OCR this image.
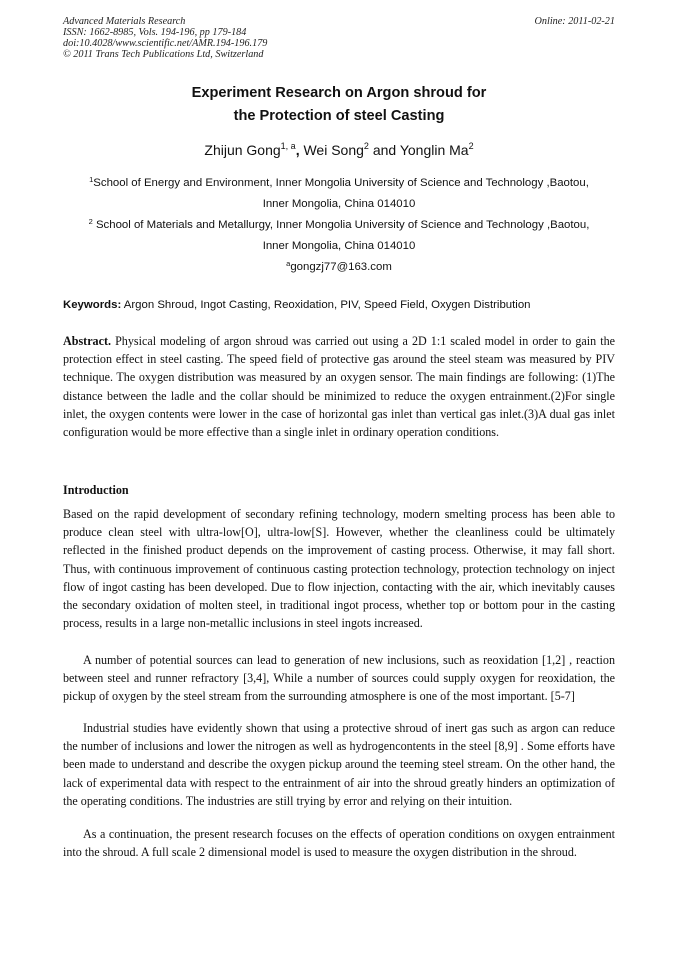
Advanced Materials Research
ISSN: 1662-8985, Vols. 194-196, pp 179-184
doi:10.4028/www.scientific.net/AMR.194-196.179
© 2011 Trans Tech Publications Ltd, Switzerland
Online: 2011-02-21
Experiment Research on Argon shroud for
the Protection of steel Casting
Zhijun Gong$^{1, a}$, Wei Song$^2$ and Yonglin Ma$^2$
$^1$School of Energy and Environment, Inner Mongolia University of Science and Technology ,Baotou,
Inner Mongolia, China 014010
$^2$ School of Materials and Metallurgy, Inner Mongolia University of Science and Technology ,Baotou,
Inner Mongolia, China 014010
$^a$gongzj77@163.com
Keywords: Argon Shroud, Ingot Casting, Reoxidation, PIV, Speed Field, Oxygen Distribution

Abstract. Physical modeling of argon shroud was carried out using a 2D 1:1 scaled model in order to gain the protection effect in steel casting. The speed field of protective gas around the steel steam was measured by PIV technique. The oxygen distribution was measured by an oxygen sensor. The main findings are following: (1)The distance between the ladle and the collar should be minimized to reduce the oxygen entrainment.(2)For single inlet, the oxygen contents were lower in the case of horizontal gas inlet than vertical gas inlet.(3)A dual gas inlet configuration would be more effective than a single inlet in ordinary operation conditions.

Introduction

Based on the rapid development of secondary refining technology, modern smelting process has been able to produce clean steel with ultra-low[O], ultra-low[S]. However, whether the cleanliness could be ultimately reflected in the finished product depends on the improvement of casting process. Otherwise, it may fall short. Thus, with continuous improvement of continuous casting protection technology, protection technology on inject flow of ingot casting has been developed. Due to flow injection, contacting with the air, which inevitably causes the secondary oxidation of molten steel, in traditional ingot process, whether top or bottom pour in the casting process, results in a large non-metallic inclusions in steel ingots increased.

A number of potential sources can lead to generation of new inclusions, such as reoxidation [1,2] , reaction between steel and runner refractory [3,4], While a number of sources could supply oxygen for reoxidation, the pickup of oxygen by the steel stream from the surrounding atmosphere is one of the most important. [5-7]

Industrial studies have evidently shown that using a protective shroud of inert gas such as argon can reduce the number of inclusions and lower the nitrogen as well as hydrogencontents in the steel [8,9] . Some efforts have been made to understand and describe the oxygen pickup around the teeming steel stream. On the other hand, the lack of experimental data with respect to the entrainment of air into the shroud greatly hinders an optimization of the operating conditions. The industries are still trying by error and relying on their intuition.

As a continuation, the present research focuses on the effects of operation conditions on oxygen entrainment into the shroud. A full scale 2 dimensional model is used to measure the oxygen distribution in the shroud.
